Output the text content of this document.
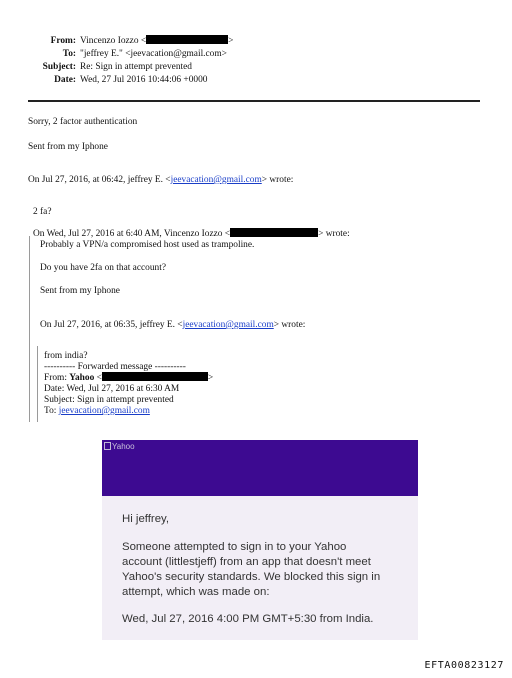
From: Vincenzo Iozzo <	>
To: "jeffrey E." <jeevacation@gmail.com>
Subject: Re: Sign in attempt prevented
Date: Wed, 27 Jul 2016 10:44:06 +0000
Sorry, 2 factor authentication
Sent from my Iphone
On Jul 27, 2016, at 06:42, jeffrey E. <jeevacation@gmail.com> wrote:
2 fa?
On Wed, Jul 27, 2016 at 6:40 AM, Vincenzo Iozzo <	> wrote:
Probably a VPN/a compromised host used as trampoline.
Do you have 2fa on that account?
Sent from my Iphone
On Jul 27, 2016, at 06:35, jeffrey E. <jeevacation@gmail.com> wrote:
from india?
---------- Forwarded message ----------
From: Yahoo <	>
Date: Wed, Jul 27, 2016 at 6:30 AM
Subject: Sign in attempt prevented
To: jeevacation@gmail.com
Yahoo
Hi jeffrey,
Someone attempted to sign in to your Yahoo
account (littlestjeff) from an app that doesn't meet
Yahoo's security standards. We blocked this sign in
attempt, which was made on:
Wed, Jul 27, 2016 4:00 PM GMT+5:30 from India.
EFTA00823127
